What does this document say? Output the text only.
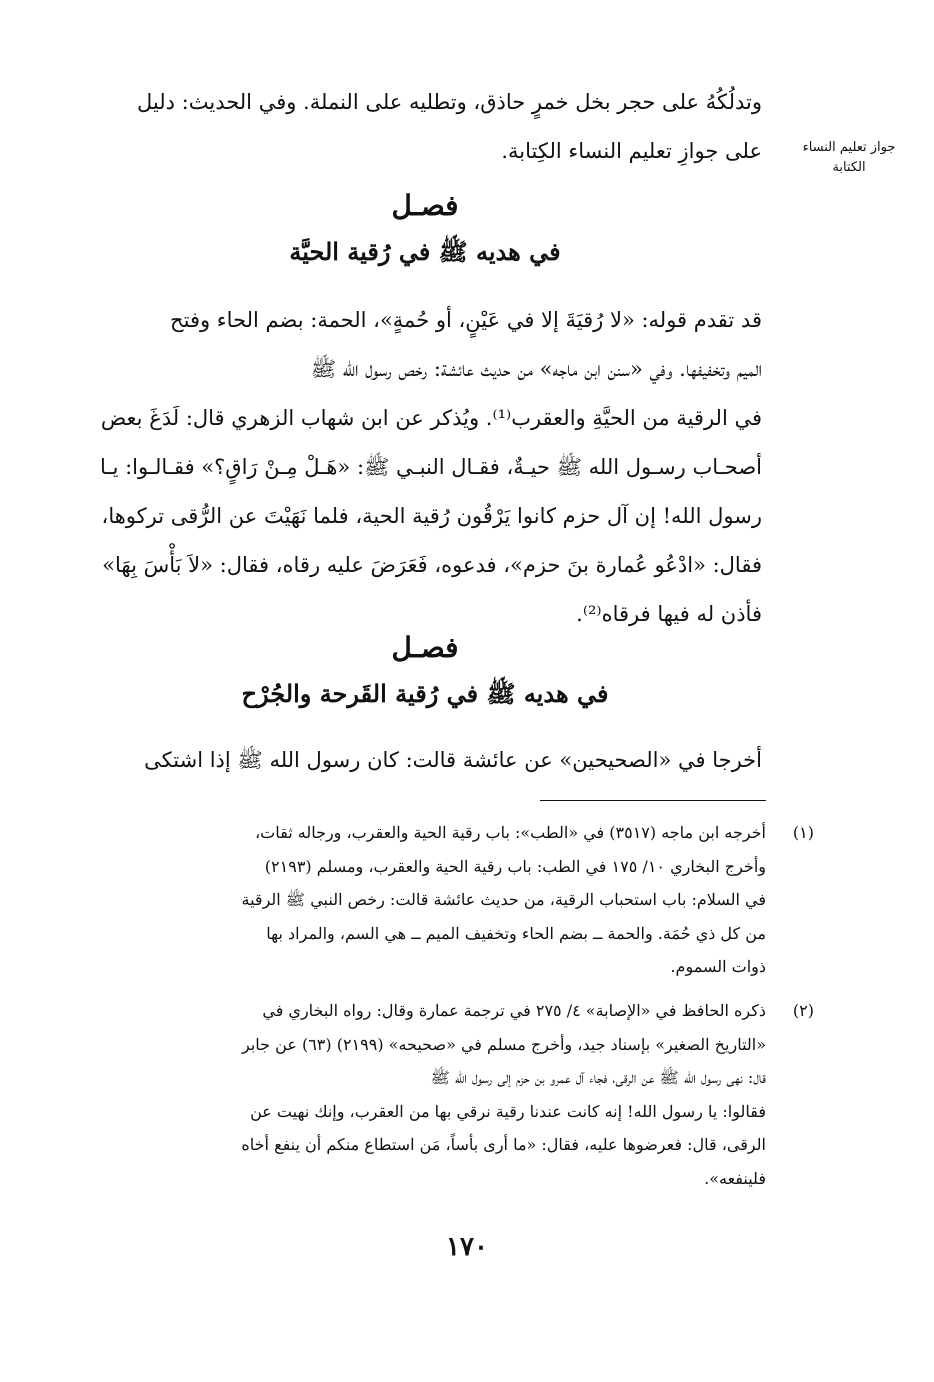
جواز تعليم النساء
الكتابة
وتدلُكُهُ على حجر بخل خمرٍ حاذق، وتطليه على النملة. وفي الحديث: دليل
على جوازِ تعليم النساء الكِتابة.
فصـل
في هديه ﷺ في رُقية الحيَّة
قد تقدم قوله: «لا رُقيَةَ إلا في عَيْنٍ، أو حُمةٍ»، الحمة: بضم الحاء وفتح
الميم وتخفيفها. وفي «سنن ابن ماجه» من حديث عائشة: رخص رسول الله ﷺ
في الرقية من الحيَّةِ والعقرب⁽¹⁾. ويُذكر عن ابن شهاب الزهري قال: لَدَغَ بعض
أصحـاب رسـول الله ﷺ حيـةٌ، فقـال النبـي ﷺ: «هَـلْ مِـنْ رَاقٍ؟» فقـالـوا: يـا
رسول الله! إن آل حزم كانوا يَرْقُون رُقية الحية، فلما نَهَيْتَ عن الرُّقى تركوها،
فقال: «ادْعُو عُمارة بنَ حزم»، فدعوه، فَعَرَضَ عليه رقاه، فقال: «لاَ بَأْسَ بِهَا»
فأذن له فيها فرقاه⁽²⁾.
فصـل
في هديه ﷺ في رُقية القَرحة والجُرْح
أخرجا في «الصحيحين» عن عائشة قالت: كان رسول الله ﷺ إذا اشتكى
(١)
أخرجه ابن ماجه (٣٥١٧) في «الطب»: باب رقية الحية والعقرب، ورجاله ثقات،
وأخرج البخاري ١٠/ ١٧٥ في الطب: باب رقية الحية والعقرب، ومسلم (٢١٩٣)
في السلام: باب استحباب الرقية، من حديث عائشة قالت: رخص النبي ﷺ الرقية
من كل ذي حُمَة. والحمة ــ بضم الحاء وتخفيف الميم ــ هي السم، والمراد بها
ذوات السموم.
(٢)
ذكره الحافظ في «الإصابة» ٤/ ٢٧٥ في ترجمة عمارة وقال: رواه البخاري في
«التاريخ الصغير» بإسناد جيد، وأخرج مسلم في «صحيحه» (٢١٩٩) (٦٣) عن جابر
قال: نهى رسول الله ﷺ عن الرقى، فجاء آل عمرو بن حزم إلى رسول الله ﷺ
فقالوا: يا رسول الله! إنه كانت عندنا رقية نرقي بها من العقرب، وإنك نهيت عن
الرقى، قال: فعرضوها عليه، فقال: «ما أرى بأساً، مَن استطاع منكم أن ينفع أخاه
فلينفعه».
١٧٠
